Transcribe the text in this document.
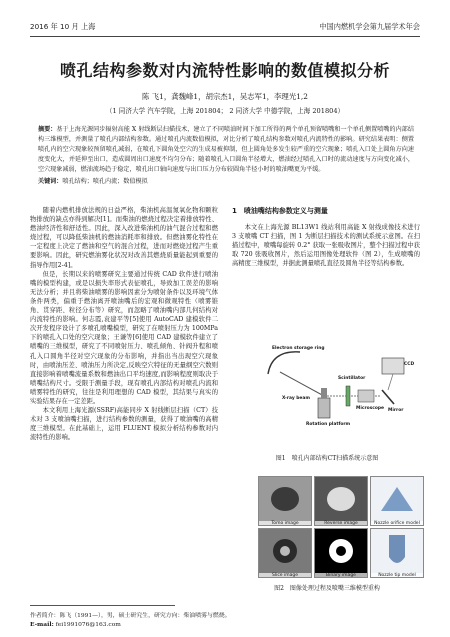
2016 年 10 月 上海	中国内燃机学会第九届学术年会
喷孔结构参数对内流特性影响的数值模拟分析
陈 飞1，龚魏峰1，胡宗杰1，吴志军1，李理光1,2
（1 同济大学 汽车学院，上海 201804； 2 同济大学 中德学院，上海 201804）
摘要：基于上海光源同步辐射高能 X 射线断层扫描技术，建立了不同喷油时间下加工所得的两个单孔预留喷嘴和一个单孔侧置喷嘴的内部结构三维模型，并测量了喷孔内部结构参数。通过喷孔内流数值模拟，对比分析了喷孔结构参数对喷孔内流特性的影响。研究结果表明：侧置喷孔内的空穴现象较预留喷孔减弱，在喷孔下圆角处空穴的生成易被抑制，但上圆角处多发生较严重的空穴现象；喷孔入口处上圆角方向速度变化大，并延伸至出口，造成圆周出口速度不均匀分布；随着喷孔入口圆角半径增大，燃油经过喷孔入口时的流动速度与方向变化减小，空穴现象减弱，燃油流场趋于稳定，喷孔出口轴向速度与出口压力分布较圆角半径小时的喷油嘴更为平缓。
关键词：喷孔结构；喷孔内流；数值模拟

随着内燃机排放法规的日益严格，柴油机高温氮氧化物和颗粒物排放的缺点亦得到解决[1]。而柴油的燃烧过程决定着排放特性、燃油经济性和舒适性。因此，深入改进柴油机的油气混合过程和燃烧过程，可以降低柴油机的燃油消耗率和排放。但燃油雾化特性在一定程度上决定了燃油和空气的混合过程，进而对燃烧过程产生重要影响。因此，研究燃油雾化状况对改善其燃烧质量能起到重要的指导作用[2-4]。

但是，长期以来的喷雾研究主要通过传统 CAD 软件进行喷油嘴的模型构建，或是以损失率形式表征喷孔，导致加工误差的影响无法分析；并且将柴油喷雾的影响因素分为喷射条件以及环境气体条件两类，偏重于燃油离开喷油嘴后的宏观和微观特性（喷雾锥角、贯穿距、粒径分布等）研究，而忽略了喷油嘴内部几何结构对内流特性的影响。何志霞,袁建平等[5]使用 AutoCAD 建模软件二次开发程序设计了多喷孔喷嘴模型，研究了在喷射压力为 100MPa 下的喷孔入口处的空穴现象；王谦等[6]使用 CAD 建模软件建立了喷嘴的三维模型，研究了不同喷射压力、喷孔倾角、针阀升程和喷孔入口圆角半径对空穴现象的分布影响，并指出当出现空穴现象时，由喷油压差、喷油压力所决定,反映空穴特征的无量纲空穴数则直接影响着喷嘴流量系数和燃油出口平均速度,而影响程度则取决于喷嘴结构尺寸。受限于测量手段，现有喷孔内部结构对喷孔内流和喷雾特性的研究，往往是利用理想的 CAD 模型，其结果与真实的实验结果存在一定差距。

本文利用上海光源(SSRF)高能同步 X 射线断层扫描（CT）技术对 3 支喷油嘴扫描，进行结构参数的测量，获得了喷油嘴的高精度三维模型。在此基础上，运用 FLUENT 模拟分析结构参数对内流特性的影响。

1　喷油嘴结构参数定义与测量

本文在上海光源 BL13W1 线站利用高能 X 射线成像技术进行 3 支喷嘴 CT 扫描，图 1 为断层扫描技术的测试系统示意图。在扫描过程中，喷嘴每旋转 0.2° 获取一张吸收图片，整个扫描过程中获取 720 张吸收图片，然后运用图像处理软件（图 2），生成喷嘴的高精度三维模型，并据此测量喷孔直径及圆角半径等结构参数。

Electron storage ring
CCD
Scintillator
X-ray beam
Microscope Mirror
Rotation platform
图1　喷孔内部结构CT扫描系统示意图
Tomo image	Reverse image	Nozzle orifice model
Slice image	Binary image	Nozzle tip model
图2　图像处理过程及喷嘴三维模型重构
作者简介：陈飞（1991—），男，硕士研究生，研究方向：柴油喷雾与燃烧。
E-mail: fei1991076@163.com
